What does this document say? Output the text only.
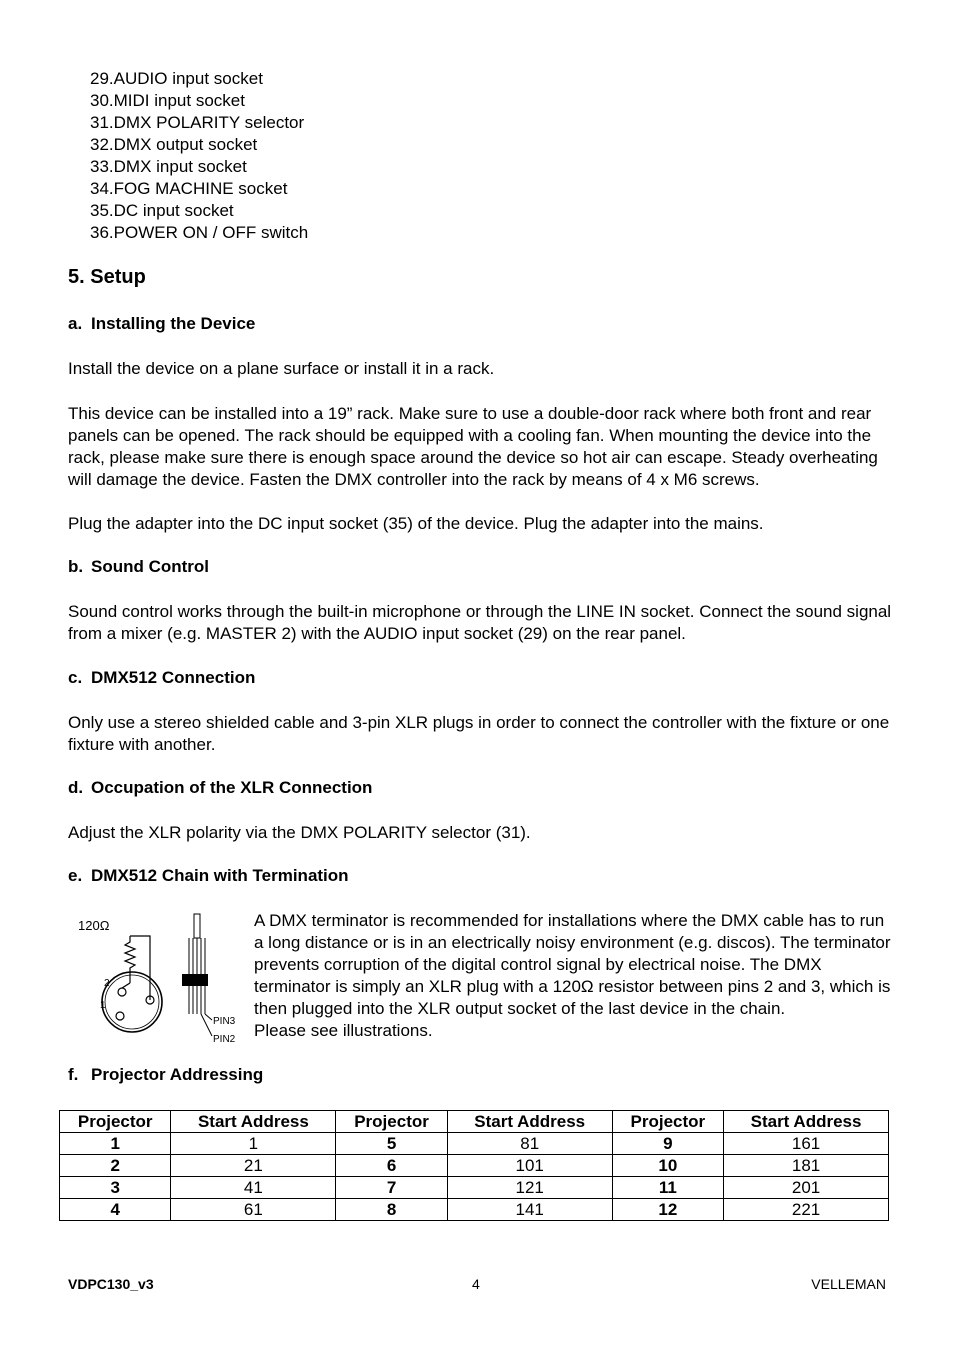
29.AUDIO input socket
30.MIDI input socket
31.DMX POLARITY selector
32.DMX output socket
33.DMX input socket
34.FOG MACHINE socket
35.DC input socket
36.POWER ON / OFF switch
5. Setup
a. Installing the Device
Install the device on a plane surface or install it in a rack.
This device can be installed into a 19” rack. Make sure to use a double-door rack where both front and rear panels can be opened. The rack should be equipped with a cooling fan. When mounting the device into the rack, please make sure there is enough space around the device so hot air can escape. Steady overheating will damage the device. Fasten the DMX controller into the rack by means of 4 x M6 screws.
Plug the adapter into the DC input socket (35) of the device. Plug the adapter into the mains.
b. Sound Control
Sound control works through the built-in microphone or through the LINE IN socket. Connect the sound signal from a mixer (e.g. MASTER 2) with the AUDIO input socket (29) on the rear panel.
c. DMX512 Connection
Only use a stereo shielded cable and 3-pin XLR plugs in order to connect the controller with the fixture or one fixture with another.
d. Occupation of the XLR Connection
Adjust the XLR polarity via the DMX POLARITY selector (31).
e. DMX512 Chain with Termination
120Ω
2
1
PIN3
PIN2
A DMX terminator is recommended for installations where the DMX cable has to run a long distance or is in an electrically noisy environment (e.g. discos). The terminator prevents corruption of the digital control signal by electrical noise. The DMX terminator is simply an XLR plug with a 120Ω resistor between pins 2 and 3, which is then plugged into the XLR output socket of the last device in the chain.
Please see illustrations.
f. Projector Addressing
Projector	Start Address	Projector	Start Address	Projector	Start Address
1	1	5	81	9	161
2	21	6	101	10	181
3	41	7	121	11	201
4	61	8	141	12	221
VDPC130_v3	4	VELLEMAN
